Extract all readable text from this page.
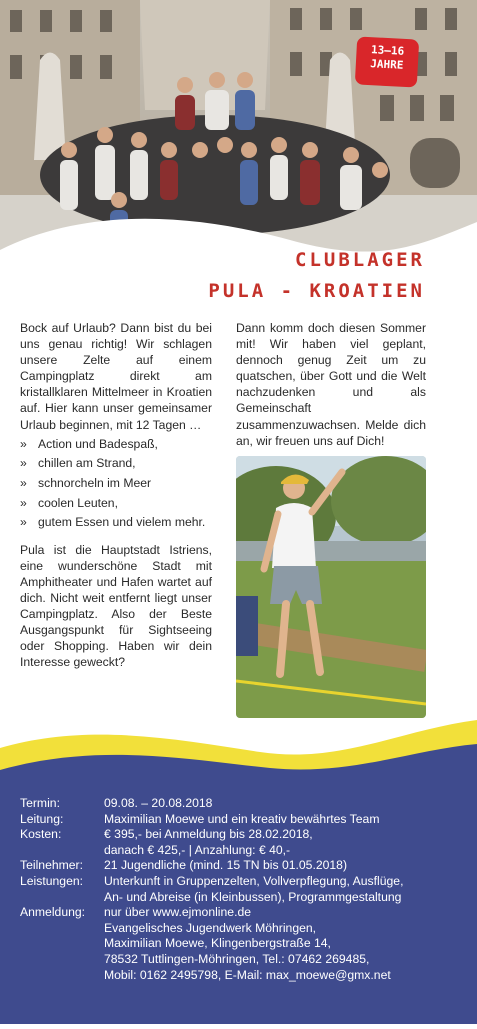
13–16
JAHRE
CLUBLAGER
PULA - KROATIEN

Bock auf Urlaub? Dann bist du bei uns genau richtig! Wir schlagen unsere Zelte auf einem Campingplatz direkt am kristallklaren Mittelmeer in Kroatien auf. Hier kann unser gemeinsamer Urlaub beginnen, mit 12 Tagen …

» Action und Badespaß,
» chillen am Strand,
» schnorcheln im Meer
» coolen Leuten,
» gutem Essen und vielem mehr.

Pula ist die Hauptstadt Istriens, eine wunderschöne Stadt mit Amphitheater und Hafen wartet auf dich. Nicht weit entfernt liegt unser Campingplatz. Also der Beste Ausgangspunkt für Sightseeing oder Shopping. Haben wir dein Interesse geweckt?

Dann komm doch diesen Sommer mit! Wir haben viel geplant, dennoch genug Zeit um zu quatschen, über Gott und die Welt nachzudenken und als Gemeinschaft zusammenzuwachsen. Melde dich an, wir freuen uns auf Dich!

Termin:	09.08. – 20.08.2018
Leitung:	Maximilian Moewe und ein kreativ bewährtes Team
Kosten:	€ 395,- bei Anmeldung bis 28.02.2018,
danach € 425,- | Anzahlung: € 40,-
Teilnehmer:	21 Jugendliche (mind. 15 TN bis 01.05.2018)
Leistungen:	Unterkunft in Gruppenzelten, Vollverpflegung, Ausflüge,
An- und Abreise (in Kleinbussen), Programmgestaltung
Anmeldung:	nur über www.ejmonline.de
Evangelisches Jugendwerk Möhringen,
Maximilian Moewe, Klingenbergstraße 14,
78532 Tuttlingen-Möhringen, Tel.: 07462 269485,
Mobil: 0162 2495798, E-Mail: max_moewe@gmx.net
